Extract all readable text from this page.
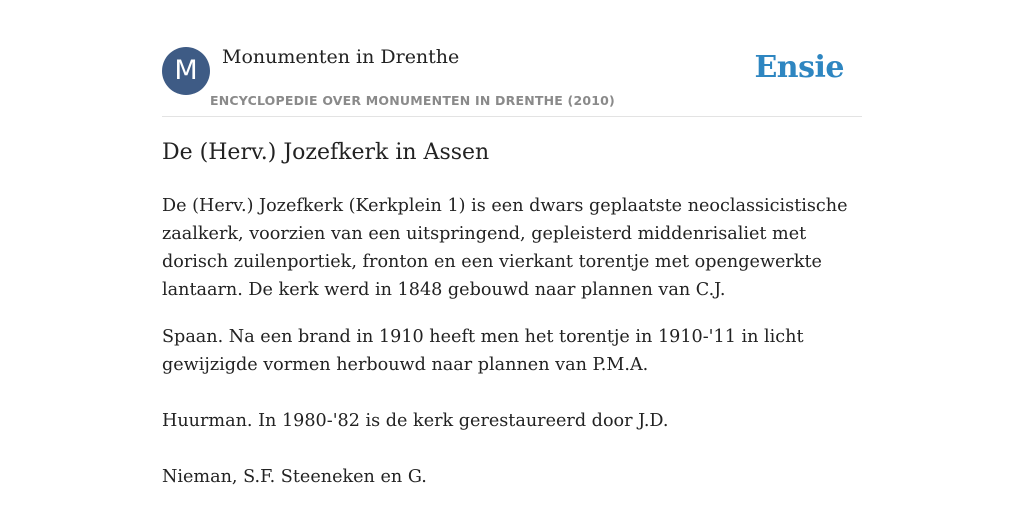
M	Monumenten in Drenthe
ENCYCLOPEDIE OVER MONUMENTEN IN DRENTHE (2010)
Ensie
De (Herv.) Jozefkerk in Assen

De (Herv.) Jozefkerk (Kerkplein 1) is een dwars geplaatste neoclassicistische zaalkerk, voorzien van een uitspringend, gepleisterd middenrisaliet met dorisch zuilenportiek, fronton en een vierkant torentje met opengewerkte lantaarn. De kerk werd in 1848 gebouwd naar plannen van C.J.

Spaan. Na een brand in 1910 heeft men het torentje in 1910-'11 in licht gewijzigde vormen herbouwd naar plannen van P.M.A.

Huurman. In 1980-'82 is de kerk gerestaureerd door J.D.

Nieman, S.F. Steeneken en G.
